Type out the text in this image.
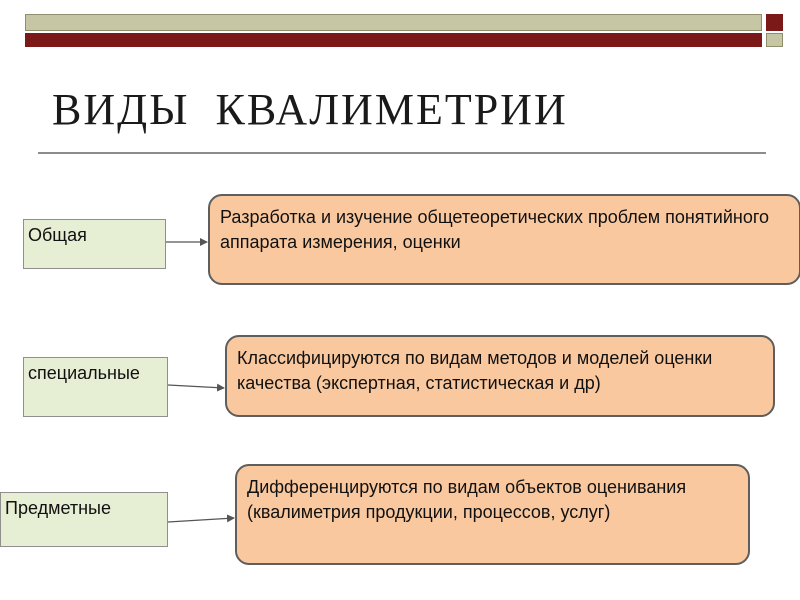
ВИДЫ  КВАЛИМЕТРИИ
Общая
Разработка и изучение общетеоретических проблем понятийного аппарата измерения, оценки
специальные
Классифицируются по видам методов и моделей оценки качества (экспертная, статистическая и др)
Предметные
Дифференцируются по видам объектов оценивания (квалиметрия продукции, процессов, услуг)
